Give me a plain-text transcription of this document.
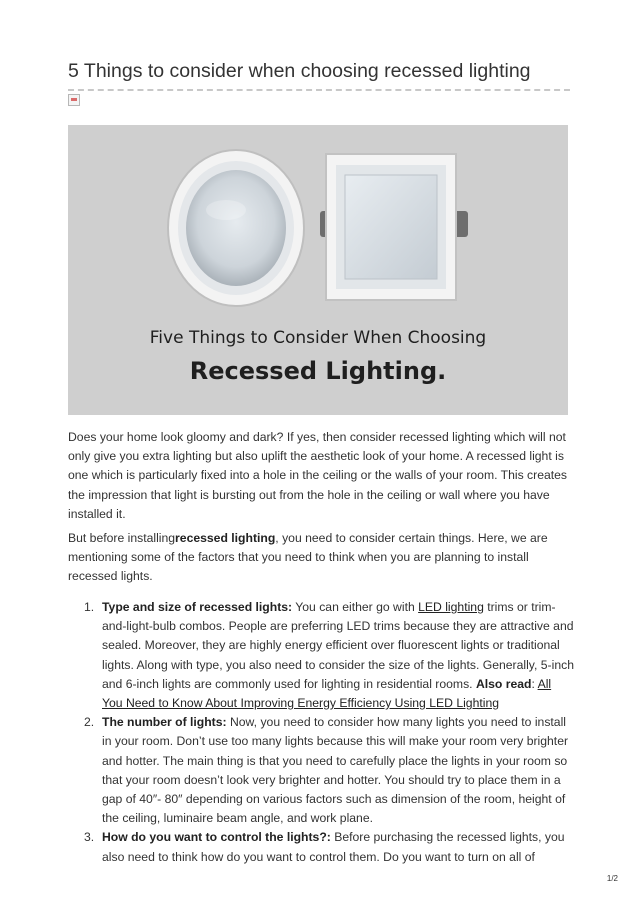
5 Things to consider when choosing recessed lighting
Five Things to Consider When Choosing
Recessed Lighting.

Does your home look gloomy and dark? If yes, then consider recessed lighting which will not only give you extra lighting but also uplift the aesthetic look of your home. A recessed light is one which is particularly fixed into a hole in the ceiling or the walls of your room. This creates the impression that light is bursting out from the hole in the ceiling or wall where you have installed it.

But before installingrecessed lighting, you need to consider certain things. Here, we are mentioning some of the factors that you need to think when you are planning to install recessed lights.

1. Type and size of recessed lights: You can either go with LED lighting trims or trim-and-light-bulb combos. People are preferring LED trims because they are attractive and sealed. Moreover, they are highly energy efficient over fluorescent lights or traditional lights. Along with type, you also need to consider the size of the lights. Generally, 5-inch and 6-inch lights are commonly used for lighting in residential rooms. Also read: All You Need to Know About Improving Energy Efficiency Using LED Lighting
2. The number of lights: Now, you need to consider how many lights you need to install in your room. Don’t use too many lights because this will make your room very brighter and hotter. The main thing is that you need to carefully place the lights in your room so that your room doesn’t look very brighter and hotter. You should try to place them in a gap of 40″- 80″ depending on various factors such as dimension of the room, height of the ceiling, luminaire beam angle, and work plane.
3. How do you want to control the lights?: Before purchasing the recessed lights, you also need to think how do you want to control them. Do you want to turn on all of
1/2
